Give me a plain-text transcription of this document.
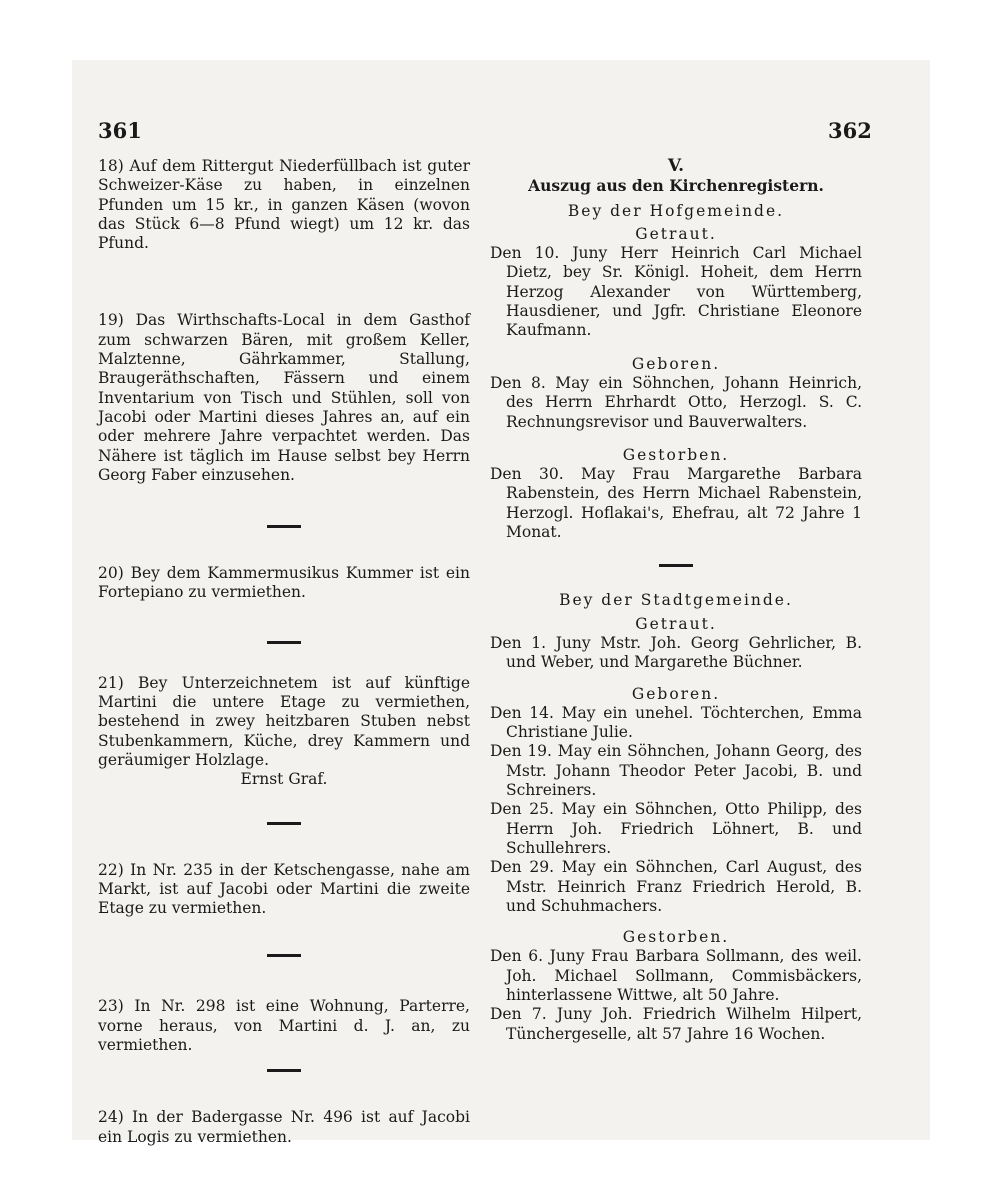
361	362

18) Auf dem Rittergut Niederfüllbach ist guter Schweizer-Käse zu haben, in einzelnen Pfunden um 15 kr., in ganzen Käsen (wovon das Stück 6—8 Pfund wiegt) um 12 kr. das Pfund.

19) Das Wirthschafts-Local in dem Gasthof zum schwarzen Bären, mit großem Keller, Malztenne, Gährkammer, Stallung, Braugeräthschaften, Fässern und einem Inventarium von Tisch und Stühlen, soll von Jacobi oder Martini dieses Jahres an, auf ein oder mehrere Jahre verpachtet werden. Das Nähere ist täglich im Hause selbst bey Herrn Georg Faber einzusehen.

20) Bey dem Kammermusikus Kummer ist ein Fortepiano zu vermiethen.

21) Bey Unterzeichnetem ist auf künftige Martini die untere Etage zu vermiethen, bestehend in zwey heitzbaren Stuben nebst Stubenkammern, Küche, drey Kammern und geräumiger Holzlage.

Ernst Graf.

22) In Nr. 235 in der Ketschengasse, nahe am Markt, ist auf Jacobi oder Martini die zweite Etage zu vermiethen.

23) In Nr. 298 ist eine Wohnung, Parterre, vorne heraus, von Martini d. J. an, zu vermiethen.

24) In der Badergasse Nr. 496 ist auf Jacobi ein Logis zu vermiethen.

V.

Auszug aus den Kirchenregistern.

Bey der Hofgemeinde.

Getraut.

Den 10. Juny Herr Heinrich Carl Michael Dietz, bey Sr. Königl. Hoheit, dem Herrn Herzog Alexander von Württemberg, Hausdiener, und Jgfr. Christiane Eleonore Kaufmann.

Geboren.

Den 8. May ein Söhnchen, Johann Heinrich, des Herrn Ehrhardt Otto, Herzogl. S. C. Rechnungsrevisor und Bauverwalters.

Gestorben.

Den 30. May Frau Margarethe Barbara Rabenstein, des Herrn Michael Rabenstein, Herzogl. Hoflakai's, Ehefrau, alt 72 Jahre 1 Monat.

Bey der Stadtgemeinde.

Getraut.

Den 1. Juny Mstr. Joh. Georg Gehrlicher, B. und Weber, und Margarethe Büchner.

Geboren.

Den 14. May ein unehel. Töchterchen, Emma Christiane Julie.

Den 19. May ein Söhnchen, Johann Georg, des Mstr. Johann Theodor Peter Jacobi, B. und Schreiners.

Den 25. May ein Söhnchen, Otto Philipp, des Herrn Joh. Friedrich Löhnert, B. und Schullehrers.

Den 29. May ein Söhnchen, Carl August, des Mstr. Heinrich Franz Friedrich Herold, B. und Schuhmachers.

Gestorben.

Den 6. Juny Frau Barbara Sollmann, des weil. Joh. Michael Sollmann, Commisbäckers, hinterlassene Wittwe, alt 50 Jahre.

Den 7. Juny Joh. Friedrich Wilhelm Hilpert, Tünchergeselle, alt 57 Jahre 16 Wochen.
